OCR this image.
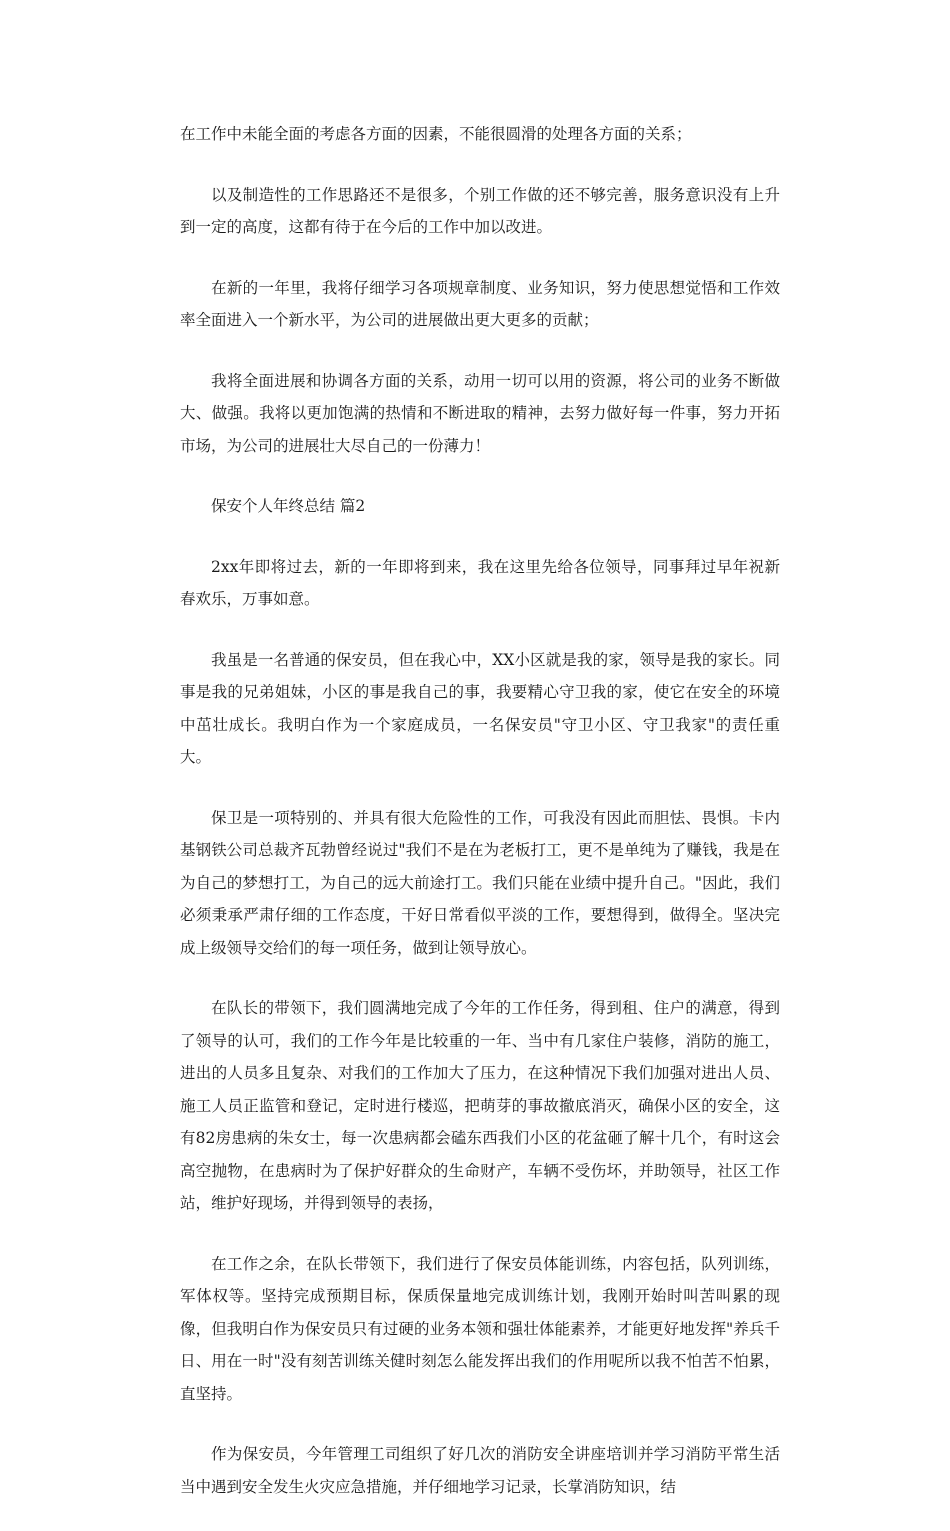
在工作中未能全面的考虑各方面的因素，不能很圆滑的处理各方面的关系；

以及制造性的工作思路还不是很多，个别工作做的还不够完善，服务意识没有上升到一定的高度，这都有待于在今后的工作中加以改进。

在新的一年里，我将仔细学习各项规章制度、业务知识，努力使思想觉悟和工作效率全面进入一个新水平，为公司的进展做出更大更多的贡献；

我将全面进展和协调各方面的关系，动用一切可以用的资源，将公司的业务不断做大、做强。我将以更加饱满的热情和不断进取的精神，去努力做好每一件事，努力开拓市场，为公司的进展壮大尽自己的一份薄力！

保安个人年终总结 篇2

2xx年即将过去，新的一年即将到来，我在这里先给各位领导，同事拜过早年祝新春欢乐，万事如意。

我虽是一名普通的保安员，但在我心中，XX小区就是我的家，领导是我的家长。同事是我的兄弟姐妹，小区的事是我自己的事，我要精心守卫我的家，使它在安全的环境中茁壮成长。我明白作为一个家庭成员，一名保安员"守卫小区、守卫我家"的责任重大。

保卫是一项特别的、并具有很大危险性的工作，可我没有因此而胆怯、畏惧。卡内基钢铁公司总裁齐瓦勃曾经说过"我们不是在为老板打工，更不是单纯为了赚钱，我是在为自己的梦想打工，为自己的远大前途打工。我们只能在业绩中提升自己。"因此，我们必须秉承严肃仔细的工作态度，干好日常看似平淡的工作，要想得到，做得全。坚决完成上级领导交给们的每一项任务，做到让领导放心。

在队长的带领下，我们圆满地完成了今年的工作任务，得到租、住户的满意，得到了领导的认可，我们的工作今年是比较重的一年、当中有几家住户装修，消防的施工，进出的人员多且复杂、对我们的工作加大了压力，在这种情况下我们加强对进出人员、施工人员正监管和登记，定时进行楼巡，把萌芽的事故撤底消灭，确保小区的安全，这有82房患病的朱女士，每一次患病都会磕东西我们小区的花盆砸了解十几个，有时这会高空抛物，在患病时为了保护好群众的生命财产，车辆不受伤坏，并助领导，社区工作站，维护好现场，并得到领导的表扬，

在工作之余，在队长带领下，我们进行了保安员体能训练，内容包括，队列训练，军体权等。坚持完成预期目标，保质保量地完成训练计划，我刚开始时叫苦叫累的现像，但我明白作为保安员只有过硬的业务本领和强壮体能素养，才能更好地发挥"养兵千日、用在一时"没有刻苦训练关健时刻怎么能发挥出我们的作用呢所以我不怕苦不怕累，直坚持。

作为保安员，今年管理工司组织了好几次的消防安全讲座培训并学习消防平常生活当中遇到安全发生火灾应急措施，并仔细地学习记录，长掌消防知识，结
